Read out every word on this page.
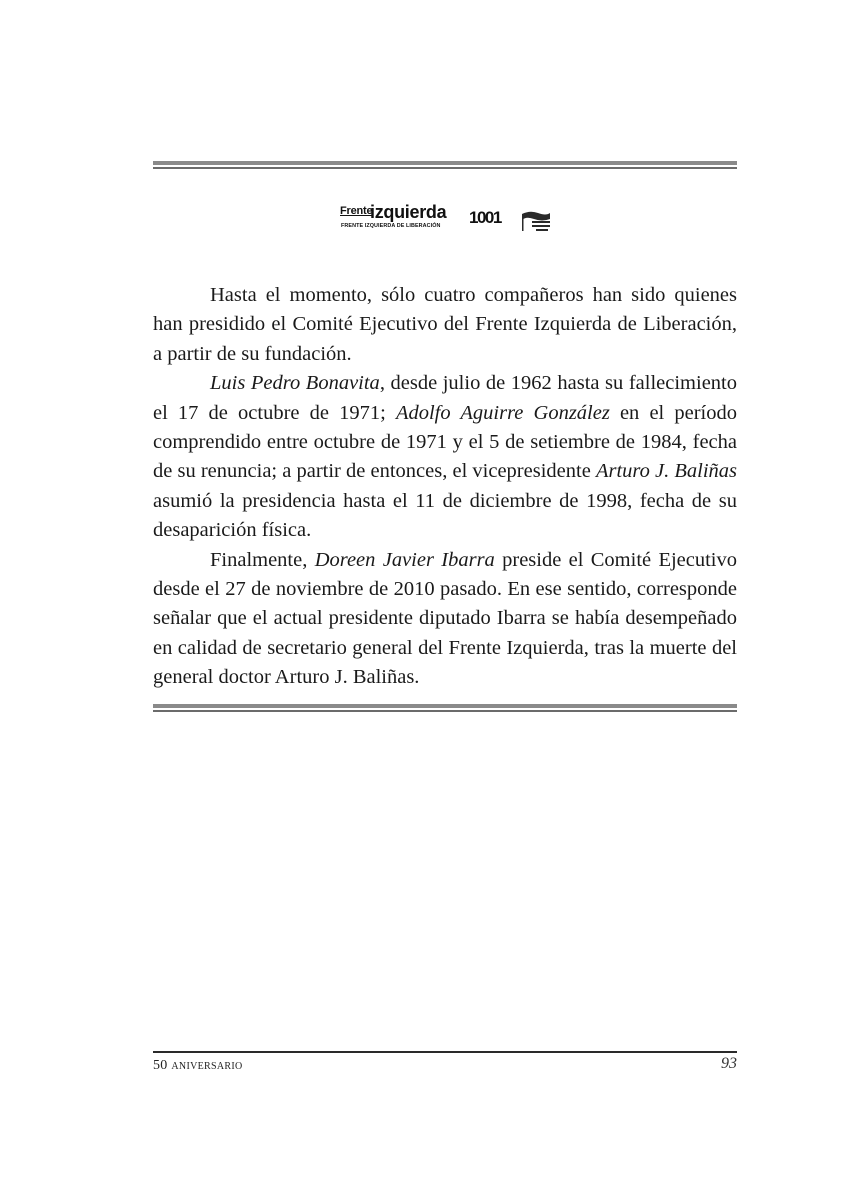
Frente
izquierda
FRENTE IZQUIERDA DE LIBERACIÓN 1001

Hasta el momento, sólo cuatro compañeros han sido quienes han presidido el Comité Ejecutivo del Frente Izquierda de Liberación, a partir de su fundación.

Luis Pedro Bonavita, desde julio de 1962 hasta su fallecimiento el 17 de octubre de 1971; Adolfo Aguirre González en el período comprendido entre octubre de 1971 y el 5 de setiembre de 1984, fecha de su renuncia; a partir de entonces, el vicepresidente Arturo J. Baliñas asumió la presidencia hasta el 11 de diciembre de 1998, fecha de su desaparición física.

Finalmente, Doreen Javier Ibarra preside el Comité Ejecutivo desde el 27 de noviembre de 2010 pasado. En ese sentido, corresponde señalar que el actual presidente diputado Ibarra se había desempeñado en calidad de secretario general del Frente Izquierda, tras la muerte del general doctor Arturo J. Baliñas.

50 aniversario	93
